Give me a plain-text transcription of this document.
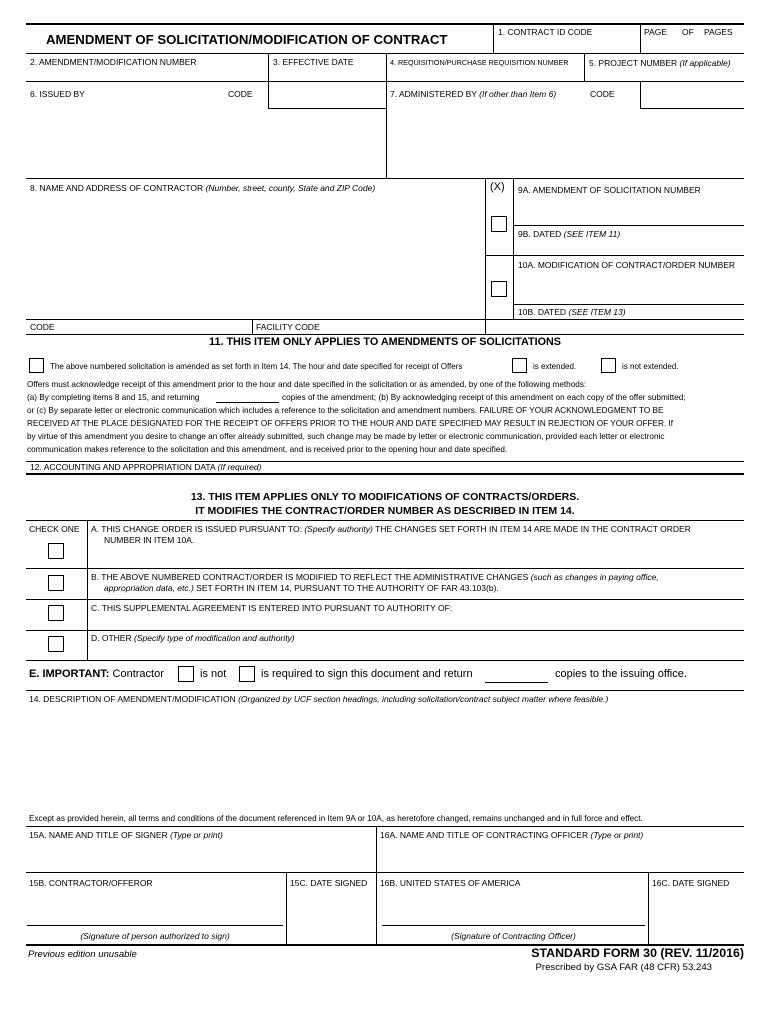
AMENDMENT OF SOLICITATION/MODIFICATION OF CONTRACT	1. CONTRACT ID CODE	PAGE OF PAGES
2. AMENDMENT/MODIFICATION NUMBER	3. EFFECTIVE DATE	4. REQUISITION/PURCHASE REQUISITION NUMBER 5. PROJECT NUMBER (If applicable)
6. ISSUED BY	CODE	7. ADMINISTERED BY (If other than Item 6)	CODE
8. NAME AND ADDRESS OF CONTRACTOR (Number, street, county, State and ZIP Code)	(X) 9A. AMENDMENT OF SOLICITATION NUMBER
9B. DATED (SEE ITEM 11)
10A. MODIFICATION OF CONTRACT/ORDER NUMBER
10B. DATED (SEE ITEM 13)
CODE	FACILITY CODE
11. THIS ITEM ONLY APPLIES TO AMENDMENTS OF SOLICITATIONS
The above numbered solicitation is amended as set forth in Item 14. The hour and date specified for receipt of Offers	is extended.	is not extended.
Offers must acknowledge receipt of this amendment prior to the hour and date specified in the solicitation or as amended, by one of the following methods:
(a) By completing items 8 and 15, and returning	copies of the amendment; (b) By acknowledging receipt of this amendment on each copy of the offer submitted;
or (c) By separate letter or electronic communication which includes a reference to the solicitation and amendment numbers. FAILURE OF YOUR ACKNOWLEDGMENT TO BE
RECEIVED AT THE PLACE DESIGNATED FOR THE RECEIPT OF OFFERS PRIOR TO THE HOUR AND DATE SPECIFIED MAY RESULT IN REJECTION OF YOUR OFFER. If
by virtue of this amendment you desire to change an offer already submitted, such change may be made by letter or electronic communication, provided each letter or electronic
communication makes reference to the solicitation and this amendment, and is received prior to the opening hour and date specified.
12. ACCOUNTING AND APPROPRIATION DATA (If required)
13. THIS ITEM APPLIES ONLY TO MODIFICATIONS OF CONTRACTS/ORDERS.
IT MODIFIES THE CONTRACT/ORDER NUMBER AS DESCRIBED IN ITEM 14.
CHECK ONE A. THIS CHANGE ORDER IS ISSUED PURSUANT TO: (Specify authority) THE CHANGES SET FORTH IN ITEM 14 ARE MADE IN THE CONTRACT ORDER
NUMBER IN ITEM 10A.
B. THE ABOVE NUMBERED CONTRACT/ORDER IS MODIFIED TO REFLECT THE ADMINISTRATIVE CHANGES (such as changes in paying office,
appropriation data, etc.) SET FORTH IN ITEM 14, PURSUANT TO THE AUTHORITY OF FAR 43.103(b).
C. THIS SUPPLEMENTAL AGREEMENT IS ENTERED INTO PURSUANT TO AUTHORITY OF:
D. OTHER (Specify type of modification and authority)
E. IMPORTANT: Contractor	is not	is required to sign this document and return	copies to the issuing office.
14. DESCRIPTION OF AMENDMENT/MODIFICATION (Organized by UCF section headings, including solicitation/contract subject matter where feasible.)
Except as provided herein, all terms and conditions of the document referenced in Item 9A or 10A, as heretofore changed, remains unchanged and in full force and effect.
15A. NAME AND TITLE OF SIGNER (Type or print)	16A. NAME AND TITLE OF CONTRACTING OFFICER (Type or print)
15B. CONTRACTOR/OFFEROR	15C. DATE SIGNED 16B. UNITED STATES OF AMERICA	16C. DATE SIGNED
(Signature of person authorized to sign)	(Signature of Contracting Officer)
Previous edition unusable	STANDARD FORM 30 (REV. 11/2016)
Prescribed by GSA FAR (48 CFR) 53.243
